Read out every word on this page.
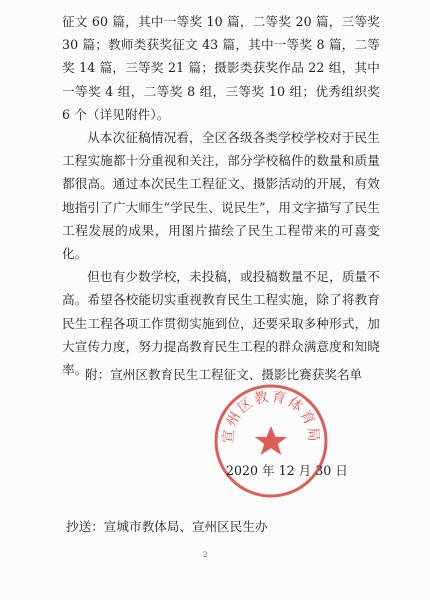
征文 60 篇，其中一等奖 10 篇，二等奖 20 篇，三等奖 30 篇；教师类获奖征文 43 篇，其中一等奖 8 篇，二等奖 14 篇，三等奖 21 篇；摄影类获奖作品 22 组，其中一等奖 4 组，二等奖 8 组，三等奖 10 组；优秀组织奖 6 个（详见附件）。

从本次征稿情况看，全区各级各类学校学校对于民生工程实施都十分重视和关注，部分学校稿件的数量和质量都很高。通过本次民生工程征文、摄影活动的开展，有效地指引了广大师生“学民生、说民生”，用文字描写了民生工程发展的成果，用图片描绘了民生工程带来的可喜变化。

但也有少数学校，未投稿，或投稿数量不足，质量不高。希望各校能切实重视教育民生工程实施，除了将教育民生工程各项工作贯彻实施到位，还要采取多种形式，加大宣传力度，努力提高教育民生工程的群众满意度和知晓率。

附：宣州区教育民生工程征文、摄影比赛获奖名单
宣州区教育体育局
2020 年 12 月 30 日
抄送：宣城市教体局、宣州区民生办
2
